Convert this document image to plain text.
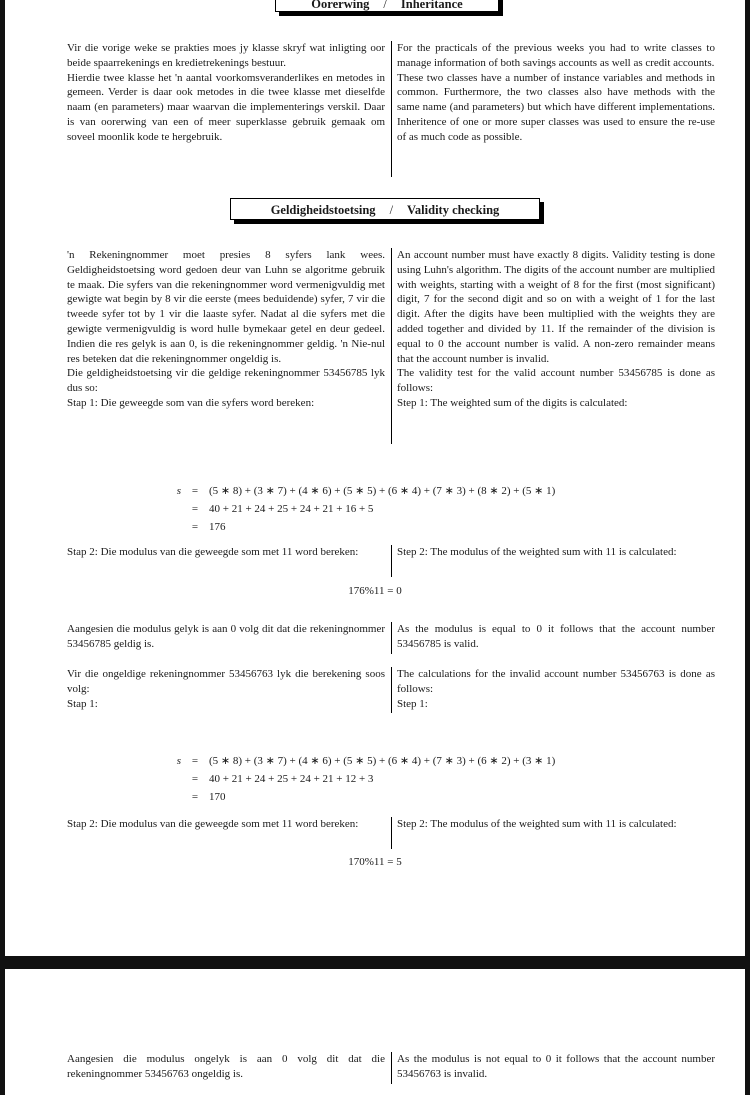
Oorerwing / Inheritance

Vir die vorige weke se prakties moes jy klasse skryf wat inligting oor beide spaarrekenings en kredietrekenings bestuur.

Hierdie twee klasse het 'n aantal voorkomsveranderlikes en metodes in gemeen. Verder is daar ook metodes in die twee klasse met dieselfde naam (en parameters) maar waarvan die implementerings verskil. Daar is van oorerwing van een of meer superklasse gebruik gemaak om soveel moonlik kode te hergebruik.

For the practicals of the previous weeks you had to write classes to manage information of both savings accounts as well as credit accounts.

These two classes have a number of instance variables and methods in common. Furthermore, the two classes also have methods with the same name (and parameters) but which have different implementations. Inheritence of one or more super classes was used to ensure the re-use of as much code as possible.

Geldigheidstoetsing / Validity checking

'n Rekeningnommer moet presies 8 syfers lank wees. Geldigheidstoetsing word gedoen deur van Luhn se algoritme gebruik te maak. Die syfers van die rekeningnommer word vermenigvuldig met gewigte wat begin by 8 vir die eerste (mees beduidende) syfer, 7 vir die tweede syfer tot by 1 vir die laaste syfer. Nadat al die syfers met die gewigte vermenigvuldig is word hulle bymekaar getel en deur gedeel. Indien die res gelyk is aan 0, is die rekeningnommer geldig. 'n Nie-nul res beteken dat die rekeningnommer ongeldig is.

Die geldigheidstoetsing vir die geldige rekeningnommer 53456785 lyk dus so:

Stap 1: Die geweegde som van die syfers word bereken:

An account number must have exactly 8 digits. Validity testing is done using Luhn's algorithm. The digits of the account number are multiplied with weights, starting with a weight of 8 for the first (most significant) digit, 7 for the second digit and so on with a weight of 1 for the last digit. After the digits have been multiplied with the weights they are added together and divided by 11. If the remainder of the division is equal to 0 the account number is valid. A non-zero remainder means that the account number is invalid.

The validity test for the valid account number 53456785 is done as follows:

Step 1: The weighted sum of the digits is calculated:

s = (5 ∗ 8) + (3 ∗ 7) + (4 ∗ 6) + (5 ∗ 5) + (6 ∗ 4) + (7 ∗ 3) + (8 ∗ 2) + (5 ∗ 1)
= 40 + 21 + 24 + 25 + 24 + 21 + 16 + 5
= 176

Stap 2: Die modulus van die geweegde som met 11 word bereken:	Step 2: The modulus of the weighted sum with 11 is calculated:

176%11 = 0

Aangesien die modulus gelyk is aan 0 volg dit dat die rekeningnommer 53456785 geldig is.

As the modulus is equal to 0 it follows that the account number 53456785 is valid.

Vir die ongeldige rekeningnommer 53456763 lyk die berekening soos volg:

Stap 1:

The calculations for the invalid account number 53456763 is done as follows:

Step 1:

s = (5 ∗ 8) + (3 ∗ 7) + (4 ∗ 6) + (5 ∗ 5) + (6 ∗ 4) + (7 ∗ 3) + (6 ∗ 2) + (3 ∗ 1)
= 40 + 21 + 24 + 25 + 24 + 21 + 12 + 3
= 170

Stap 2: Die modulus van die geweegde som met 11 word bereken:	Step 2: The modulus of the weighted sum with 11 is calculated:

170%11 = 5

Aangesien die modulus ongelyk is aan 0 volg dit dat die rekeningnommer 53456763 ongeldig is.

As the modulus is not equal to 0 it follows that the account number 53456763 is invalid.
